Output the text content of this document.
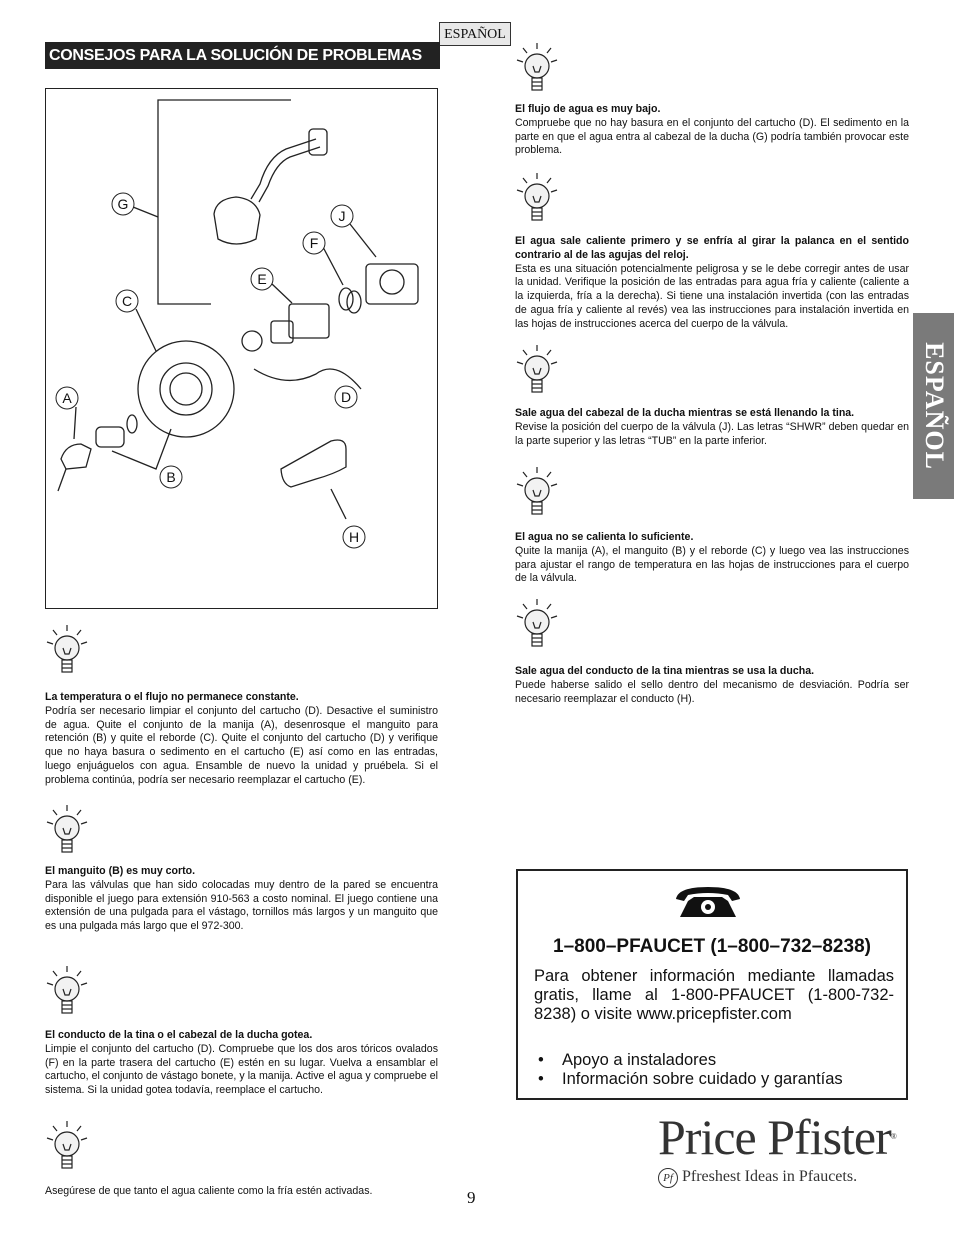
ESPAÑOL
CONSEJOS PARA LA SOLUCIÓN DE PROBLEMAS
ESPAÑOL
G
J
F
E
C
A	D
B
H
La temperatura o el flujo no permanece constante.
Podría ser necesario limpiar el conjunto del cartucho (D). Desactive el suministro de agua. Quite el conjunto de la manija (A), desenrosque el manguito para retención (B) y quite el reborde (C). Quite el conjunto del cartucho (D) y verifique que no haya basura o sedimento en el cartucho (E) así como en las entradas, luego enjuáguelos con agua. Ensamble de nuevo la unidad y pruébela. Si el problema continúa, podría ser necesario reemplazar el cartucho (E).
El manguito (B) es muy corto.
Para las válvulas que han sido colocadas muy dentro de la pared se encuentra disponible el juego para extensión 910-563 a costo nominal. El juego contiene una extensión de una pulgada para el vástago, tornillos más largos y un manguito que es una pulgada más largo que el 972-300.
El conducto de la tina o el cabezal de la ducha gotea.
Limpie el conjunto del cartucho (D). Compruebe que los dos aros tóricos ovalados (F) en la parte trasera del cartucho (E) estén en su lugar. Vuelva a ensamblar el cartucho, el conjunto de vástago bonete, y la manija. Active el agua y compruebe el sistema. Si la unidad gotea todavía, reemplace el cartucho.
Asegúrese de que tanto el agua caliente como la fría estén activadas.
El flujo de agua es muy bajo.
Compruebe que no hay basura en el conjunto del cartucho (D). El sedimento en la parte en que el agua entra al cabezal de la ducha (G) podría también provocar este problema.
El agua sale caliente primero y se enfría al girar la palanca en el sentido contrario al de las agujas del reloj.
Esta es una situación potencialmente peligrosa y se le debe corregir antes de usar la unidad. Verifique la posición de las entradas para agua fría y caliente (caliente a la izquierda, fría a la derecha). Si tiene una instalación invertida (con las entradas de agua fría y caliente al revés) vea las instrucciones para instalación invertida en las hojas de instrucciones acerca del cuerpo de la válvula.
Sale agua del cabezal de la ducha mientras se está llenando la tina.
Revise la posición del cuerpo de la válvula (J). Las letras “SHWR” deben quedar en la parte superior y las letras “TUB” en la parte inferior.
El agua no se calienta lo suficiente.
Quite la manija (A), el manguito (B) y el reborde (C) y luego vea las instrucciones para ajustar el rango de temperatura en las hojas de instrucciones para el cuerpo de la válvula.
Sale agua del conducto de la tina mientras se usa la ducha.
Puede haberse salido el sello dentro del mecanismo de desviación. Podría ser necesario reemplazar el conducto (H).
1–800–PFAUCET (1–800–732–8238)
Para obtener información mediante llamadas gratis, llame al 1-800-PFAUCET (1-800-732-8238) o visite www.pricepfister.com
• Apoyo a instaladores
• Información sobre cuidado y garantías
Price Pfister®
Pf Pfreshest Ideas in Pfaucets.
9
